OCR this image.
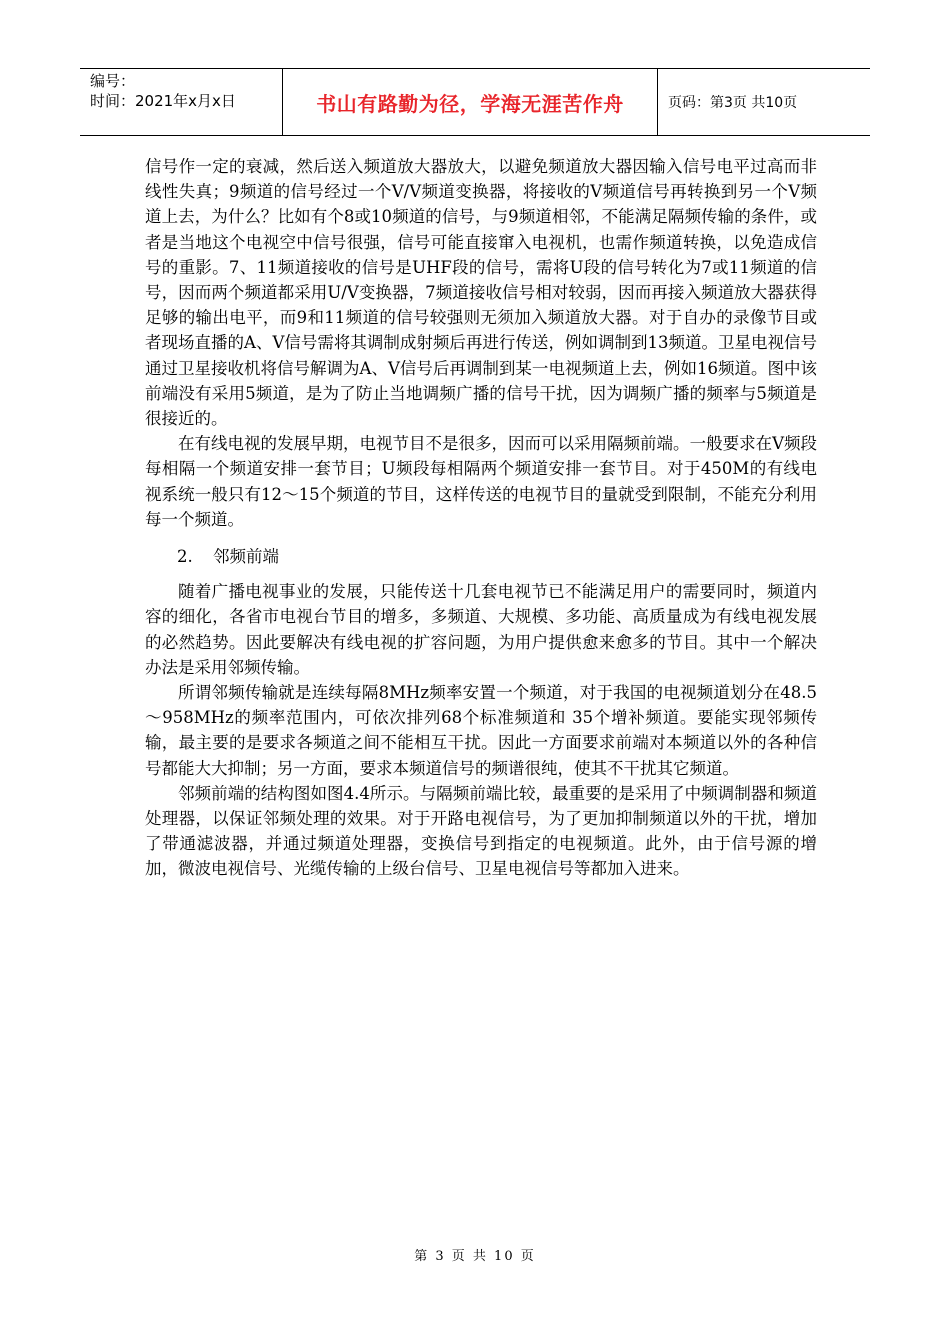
编号：
时间：2021年x月x日	书山有路勤为径，学海无涯苦作舟	页码：第3页 共10页

信号作一定的衰减，然后送入频道放大器放大，以避免频道放大器因输入信号电平过高而非线性失真；9频道的信号经过一个V/V频道变换器，将接收的V频道信号再转换到另一个V频道上去，为什么？比如有个8或10频道的信号，与9频道相邻，不能满足隔频传输的条件，或者是当地这个电视空中信号很强，信号可能直接窜入电视机，也需作频道转换，以免造成信号的重影。7、11频道接收的信号是UHF段的信号，需将U段的信号转化为7或11频道的信号，因而两个频道都采用U/V变换器，7频道接收信号相对较弱，因而再接入频道放大器获得足够的输出电平，而9和11频道的信号较强则无须加入频道放大器。对于自办的录像节目或者现场直播的A、V信号需将其调制成射频后再进行传送，例如调制到13频道。卫星电视信号通过卫星接收机将信号解调为A、V信号后再调制到某一电视频道上去，例如16频道。图中该前端没有采用5频道，是为了防止当地调频广播的信号干扰，因为调频广播的频率与5频道是很接近的。

在有线电视的发展早期，电视节目不是很多，因而可以采用隔频前端。一般要求在V频段每相隔一个频道安排一套节目；U频段每相隔两个频道安排一套节目。对于450M的有线电视系统一般只有12～15个频道的节目，这样传送的电视节目的量就受到限制，不能充分利用每一个频道。

2. 邻频前端

随着广播电视事业的发展，只能传送十几套电视节已不能满足用户的需要同时，频道内容的细化，各省市电视台节目的增多，多频道、大规模、多功能、高质量成为有线电视发展的必然趋势。因此要解决有线电视的扩容问题，为用户提供愈来愈多的节目。其中一个解决办法是采用邻频传输。

所谓邻频传输就是连续每隔8MHz频率安置一个频道，对于我国的电视频道划分在48.5～958MHz的频率范围内，可依次排列68个标准频道和 35个增补频道。要能实现邻频传输，最主要的是要求各频道之间不能相互干扰。因此一方面要求前端对本频道以外的各种信号都能大大抑制；另一方面，要求本频道信号的频谱很纯，使其不干扰其它频道。

邻频前端的结构图如图4.4所示。与隔频前端比较，最重要的是采用了中频调制器和频道处理器，以保证邻频处理的效果。对于开路电视信号，为了更加抑制频道以外的干扰，增加了带通滤波器，并通过频道处理器，变换信号到指定的电视频道。此外，由于信号源的增加，微波电视信号、光缆传输的上级台信号、卫星电视信号等都加入进来。

第 3 页 共 10 页
